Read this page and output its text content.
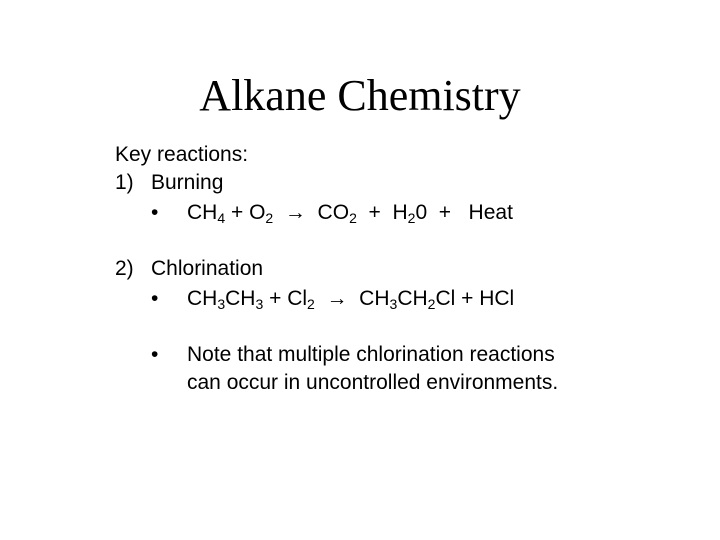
Alkane Chemistry
Key reactions:
1) Burning
• $CH_4 + O_2 \to CO_2 + H_20$  +   Heat
2) Chlorination
• $CH_3CH_3 + Cl_2 \to CH_3CH_2Cl$ + HCl
• Note that multiple chlorination reactions
can occur in uncontrolled environments.
